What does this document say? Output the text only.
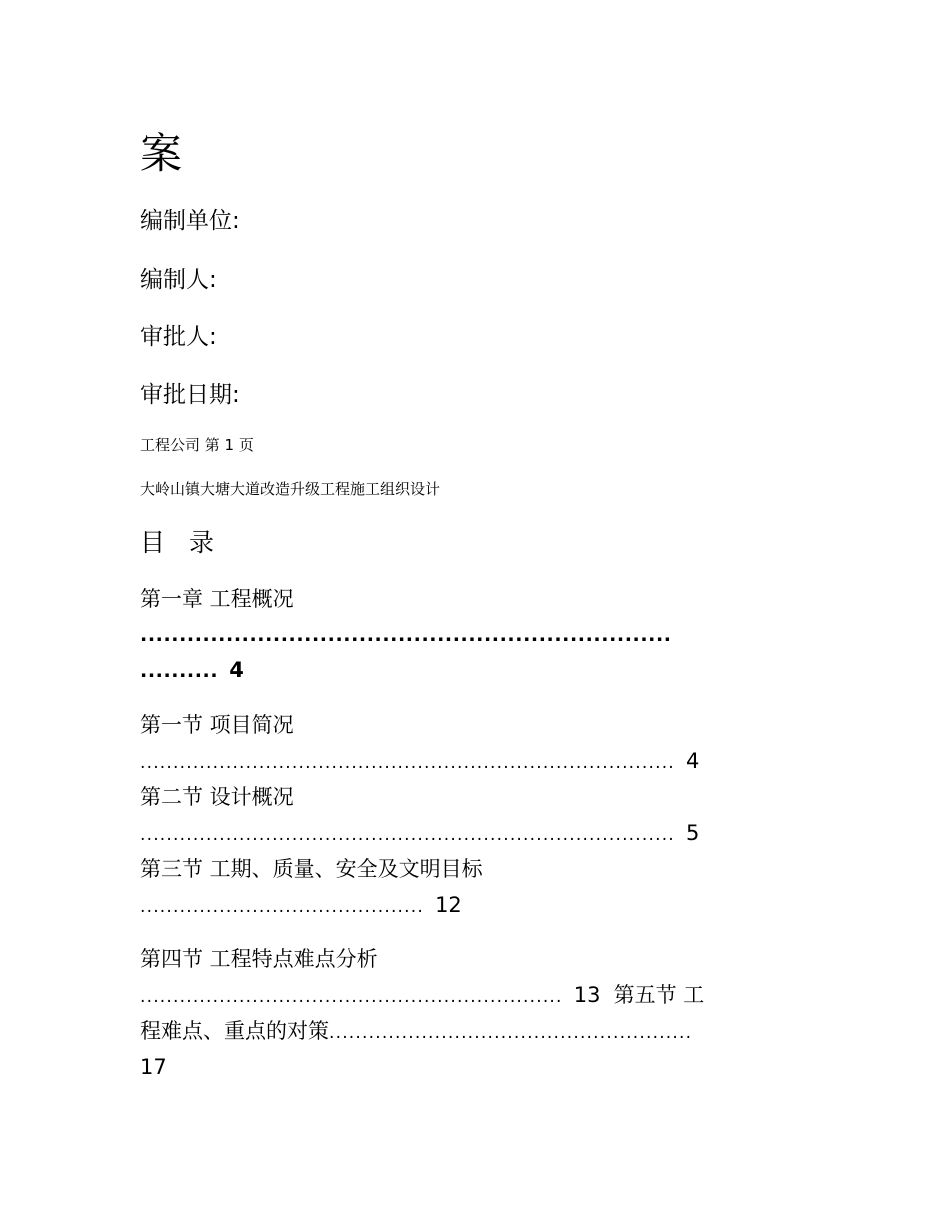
案
编制单位:
编制人:
审批人:
审批日期:
工程公司 第 1 页
大岭山镇大塘大道改造升级工程施工组织设计
目 录
第一章 工程概况
....................................................................
.......... 4
第一节 项目简况
................................................................................. 4
第二节 设计概况
................................................................................. 5
第三节 工期、质量、安全及文明目标
........................................... 12
第四节 工程特点难点分析
................................................................ 13 第五节 工
程难点、重点的对策.......................................................
17
